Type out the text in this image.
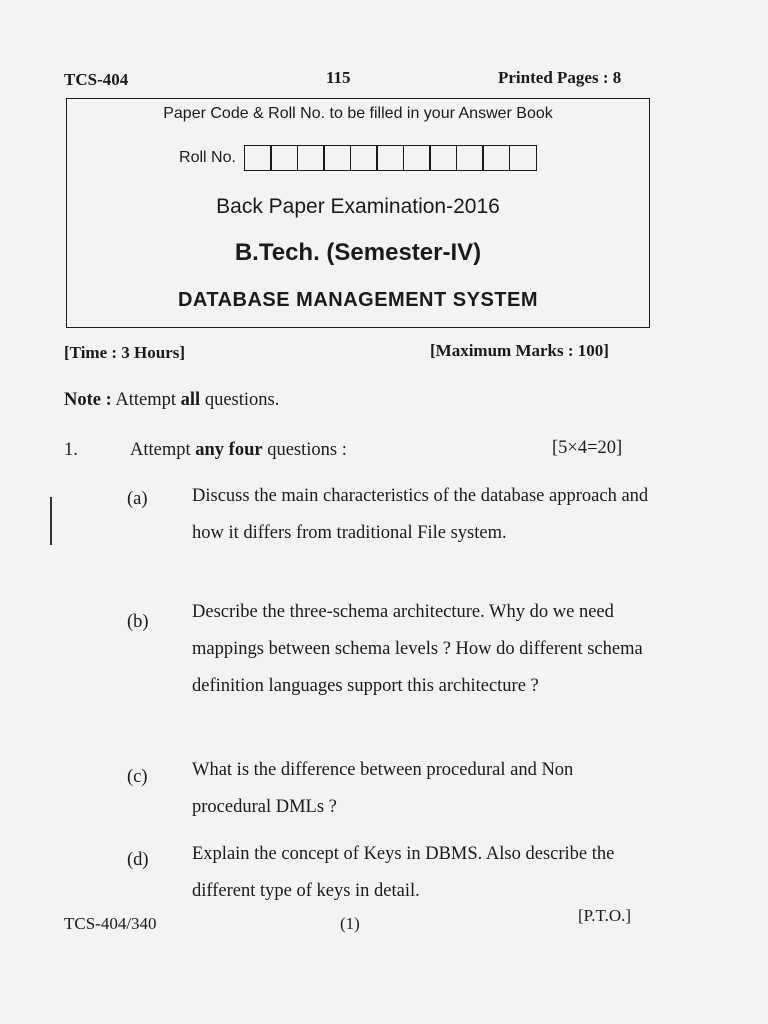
TCS-404	115	Printed Pages : 8
Paper Code & Roll No. to be filled in your Answer Book
Roll No.
Back Paper Examination-2016
B.Tech. (Semester-IV)
DATABASE MANAGEMENT SYSTEM
[Time : 3 Hours]	[Maximum Marks : 100]
Note : Attempt all questions.
1.	Attempt any four questions :	[5×4=20]
(a) Discuss the main characteristics of the database approach and how it differs from traditional File system.
(b) Describe the three-schema architecture. Why do we need mappings between schema levels ? How do different schema definition languages support this architecture ?
(c) What is the difference between procedural and Non procedural DMLs ?
(d) Explain the concept of Keys in DBMS. Also describe the different type of keys in detail.
TCS-404/340	(1)	[P.T.O.]
